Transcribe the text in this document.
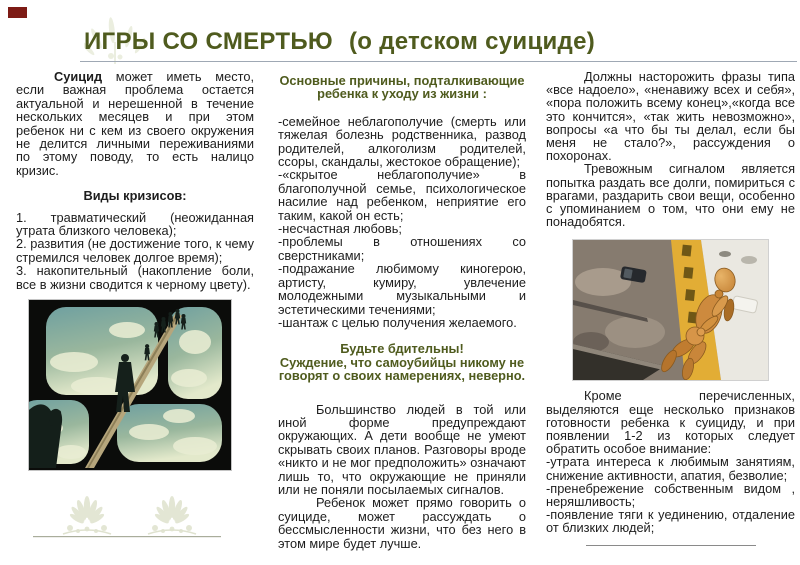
ИГРЫ СО СМЕРТЬЮ (о детском суициде)

Суицид может иметь место, если важная проблема остается актуальной и нерешенной в течение нескольких месяцев и при этом ребенок ни с кем из своего окружения не делится личными переживаниями по этому поводу, то есть налицо кризис.

Виды кризисов:

1. травматический (неожиданная утрата близкого человека);

2. развития (не достижение того, к чему стремился человек долгое время);

3. накопительный (накопление боли, все в жизни сводится к черному цвету).

Основные причины, подталкивающие ребенка к уходу из жизни :

-семейное неблагополучие (смерть или тяжелая болезнь родственника, развод родителей, алкоголизм родителей, ссоры, скандалы, жестокое обращение);

-«скрытое неблагополучие» в благополучной семье, психологическое насилие над ребенком, неприятие его таким, какой он есть;

-несчастная любовь;

-проблемы в отношениях со сверстниками;

-подражание любимому киногерою, артисту, кумиру, увлечение молодежными музыкальными и эстетическими течениями;

-шантаж с целью получения желаемого.

Будьте бдительны!
Суждение, что самоубийцы никому не говорят о своих намерениях, неверно.

Большинство людей в той или иной форме предупреждают окружающих. А дети вообще не умеют скрывать своих планов. Разговоры вроде «никто и не мог предположить» означают лишь то, что окружающие не приняли или не поняли посылаемых сигналов.

Ребенок может прямо говорить о суициде, может рассуждать о бессмысленности жизни, что без него в этом мире будет лучше.

Должны насторожить фразы типа «все надоело», «ненавижу всех и себя», «пора положить всему конец»,«когда все это кончится», «так жить невозможно», вопросы «а что бы ты делал, если бы меня не стало?», рассуждения о похоронах.

Тревожным сигналом является попытка раздать все долги, помириться с врагами, раздарить свои вещи, особенно с упоминанием о том, что они ему не понадобятся.

Кроме перечисленных, выделяются еще несколько признаков готовности ребенка к суициду, и при появлении 1-2 из которых следует обратить особое внимание:

-утрата интереса к любимым занятиям, снижение активности, апатия, безволие;

-пренебрежение собственным видом , неряшливость;

-появление тяги к уединению, отдаление от близких людей;
